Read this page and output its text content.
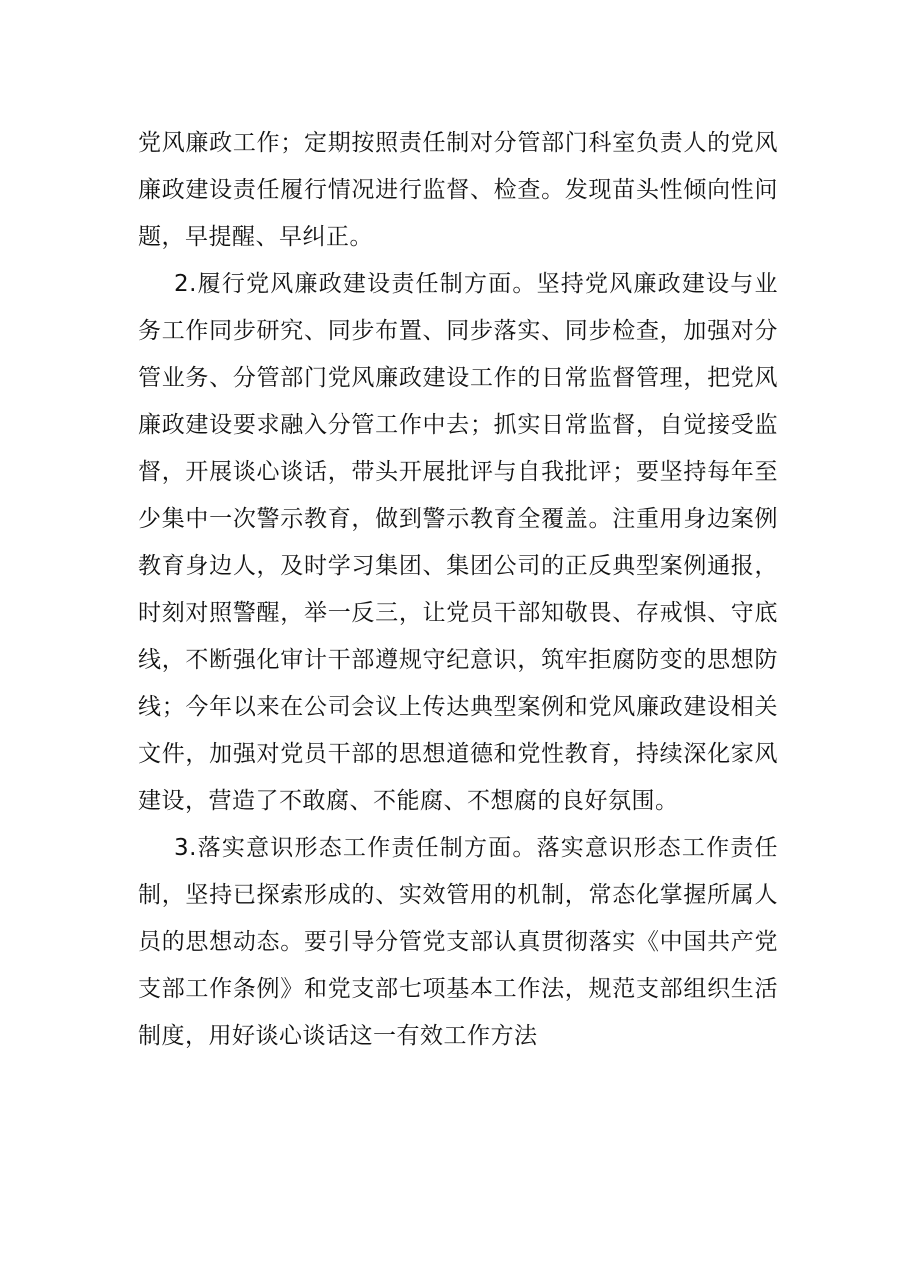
党风廉政工作；定期按照责任制对分管部门科室负责人的党风廉政建设责任履行情况进行监督、检查。发现苗头性倾向性问题，早提醒、早纠正。

2.履行党风廉政建设责任制方面。坚持党风廉政建设与业务工作同步研究、同步布置、同步落实、同步检查，加强对分管业务、分管部门党风廉政建设工作的日常监督管理，把党风廉政建设要求融入分管工作中去；抓实日常监督，自觉接受监督，开展谈心谈话，带头开展批评与自我批评；要坚持每年至少集中一次警示教育，做到警示教育全覆盖。注重用身边案例教育身边人，及时学习集团、集团公司的正反典型案例通报，时刻对照警醒，举一反三，让党员干部知敬畏、存戒惧、守底线，不断强化审计干部遵规守纪意识，筑牢拒腐防变的思想防线；今年以来在公司会议上传达典型案例和党风廉政建设相关文件，加强对党员干部的思想道德和党性教育，持续深化家风建设，营造了不敢腐、不能腐、不想腐的良好氛围。

3.落实意识形态工作责任制方面。落实意识形态工作责任制，坚持已探索形成的、实效管用的机制，常态化掌握所属人员的思想动态。要引导分管党支部认真贯彻落实《中国共产党支部工作条例》和党支部七项基本工作法，规范支部组织生活制度，用好谈心谈话这一有效工作方法
